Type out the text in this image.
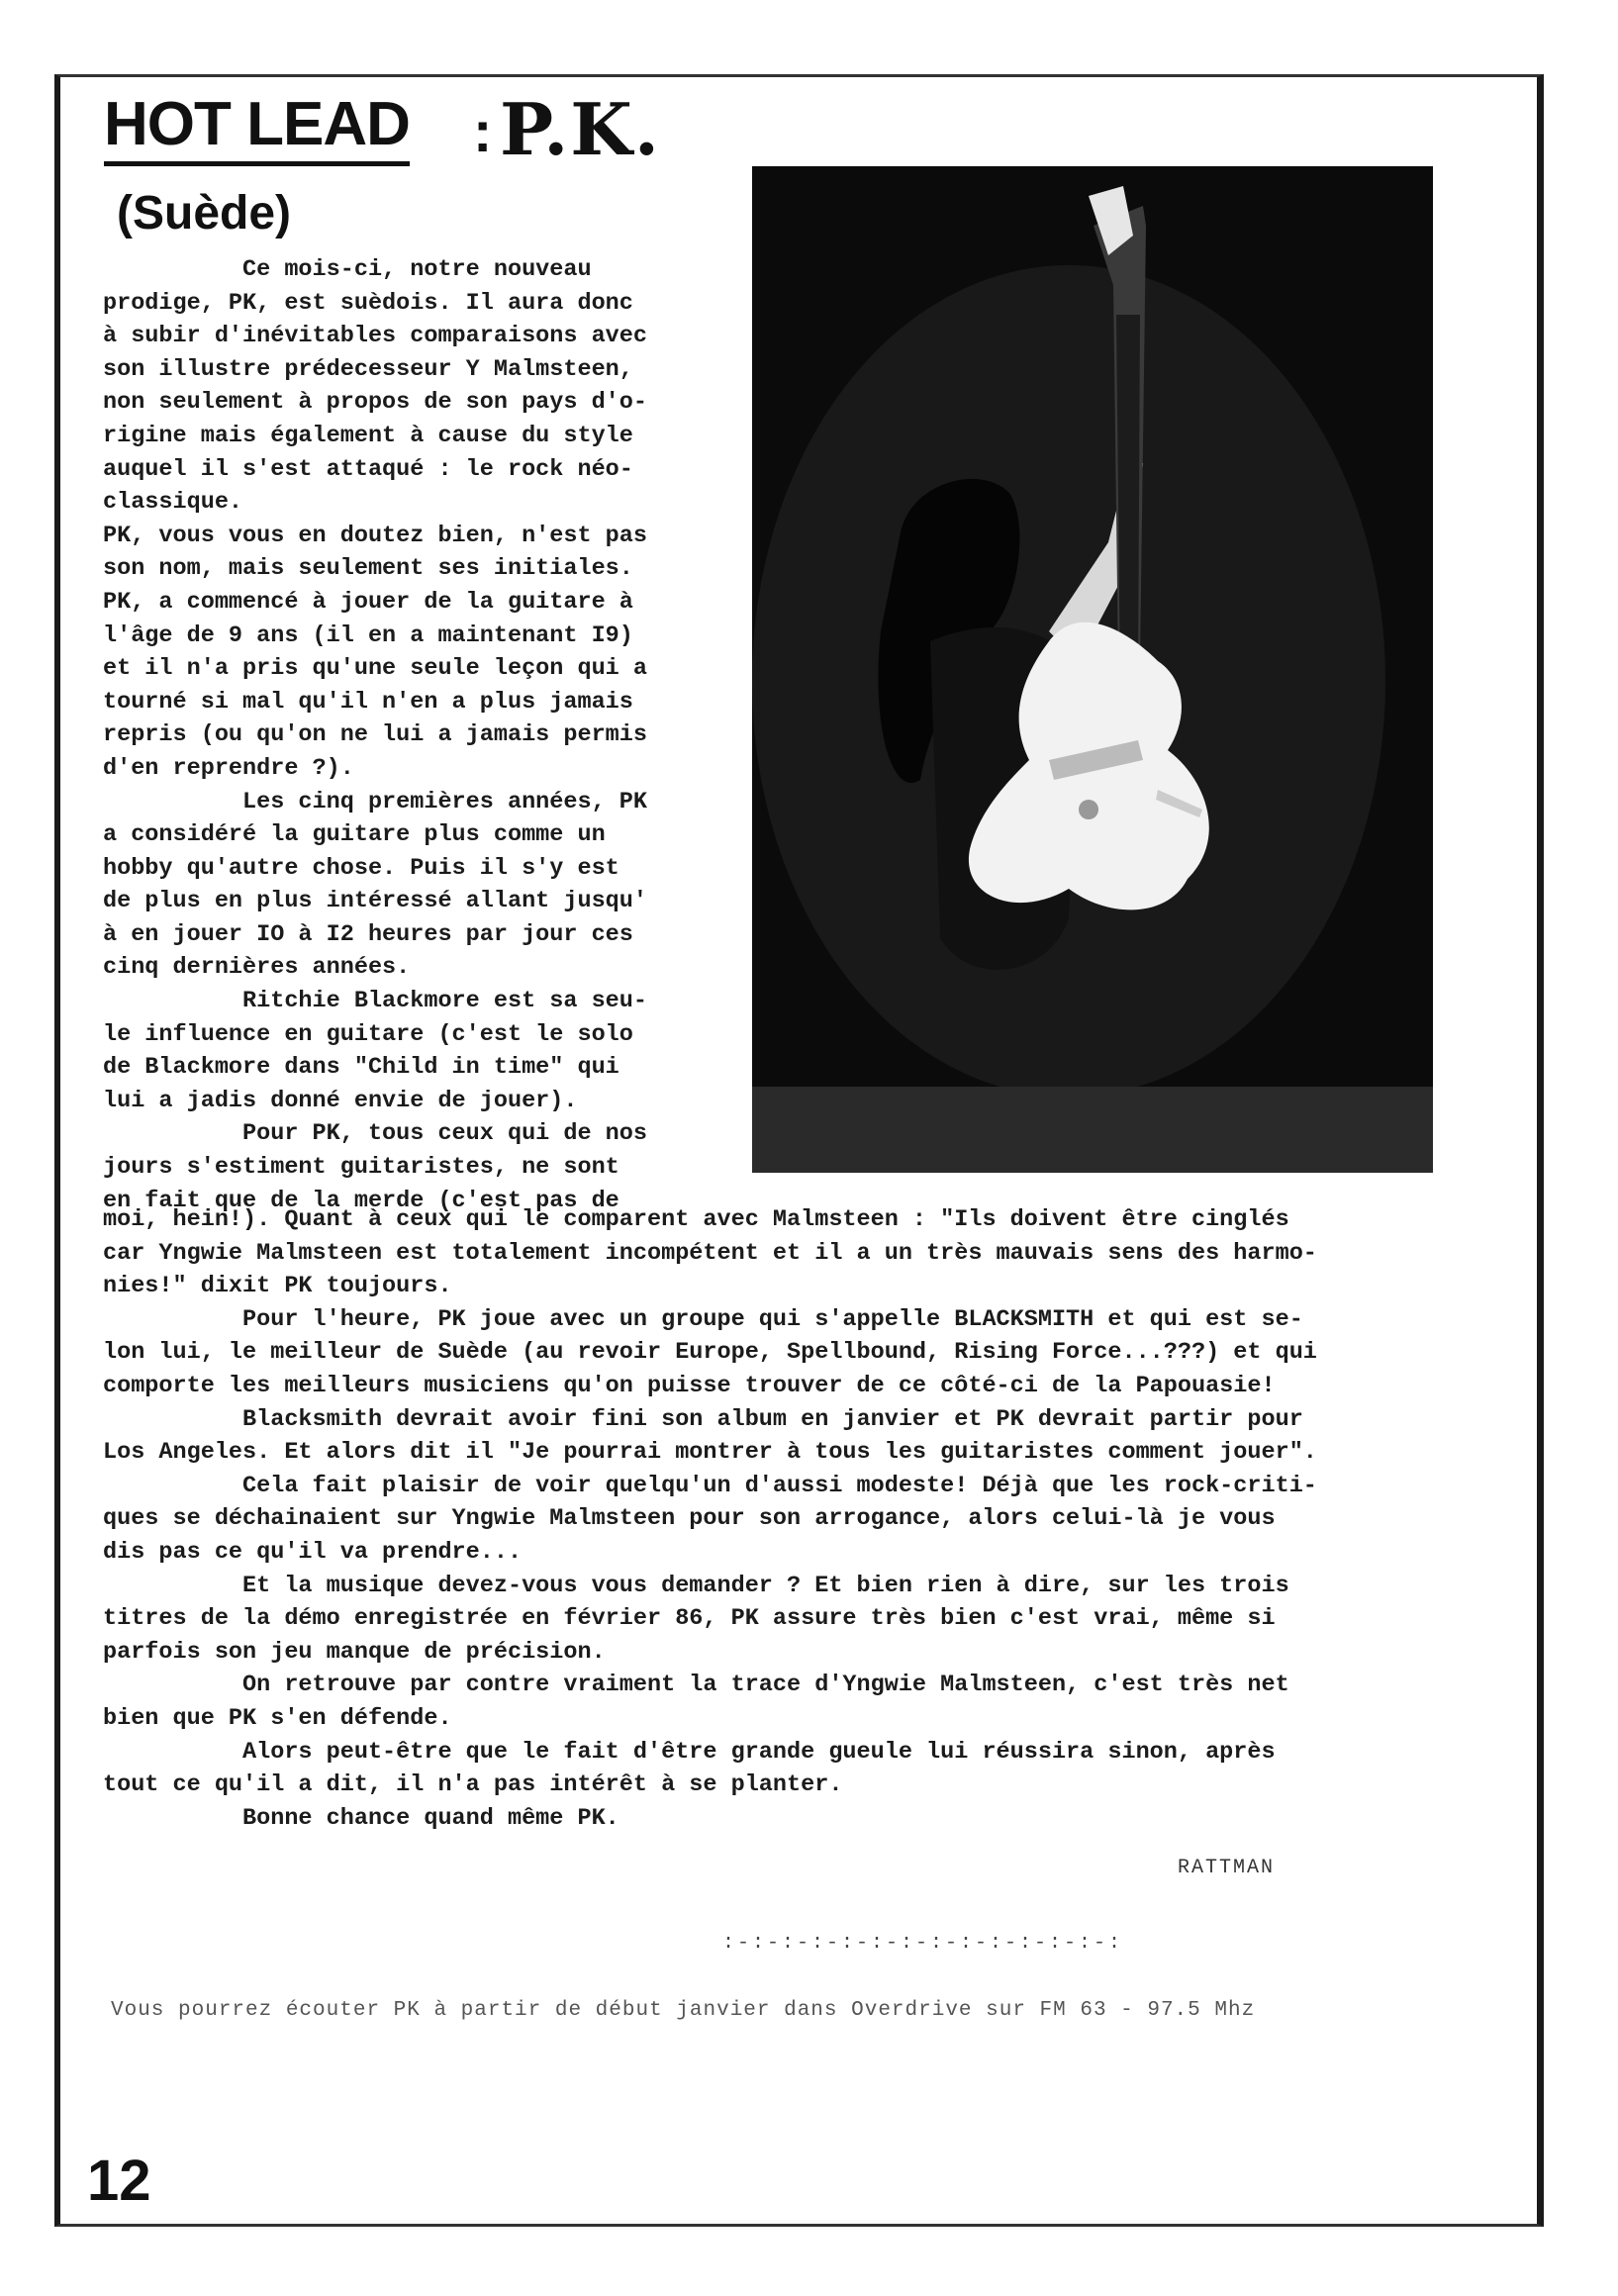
HOT LEAD : P.K.
(Suède)
Ce mois-ci, notre nouveau
prodige, PK, est suèdois. Il aura donc
à subir d'inévitables comparaisons avec
son illustre prédecesseur Y Malmsteen,
non seulement à propos de son pays d'o-
rigine mais également à cause du style
auquel il s'est attaqué : le rock néo-
classique.
PK, vous vous en doutez bien, n'est pas
son nom, mais seulement ses initiales.
PK, a commencé à jouer de la guitare à
l'âge de 9 ans (il en a maintenant I9)
et il n'a pris qu'une seule leçon qui a
tourné si mal qu'il n'en a plus jamais
repris (ou qu'on ne lui a jamais permis
d'en reprendre ?).
Les cinq premières années, PK
a considéré la guitare plus comme un
hobby qu'autre chose. Puis il s'y est
de plus en plus intéressé allant jusqu'
à en jouer IO à I2 heures par jour ces
cinq dernières années.
Ritchie Blackmore est sa seu-
le influence en guitare (c'est le solo
de Blackmore dans "Child in time" qui
lui a jadis donné envie de jouer).
Pour PK, tous ceux qui de nos
jours s'estiment guitaristes, ne sont
en fait que de la merde (c'est pas de
moi, hein!). Quant à ceux qui le comparent avec Malmsteen : "Ils doivent être cinglés
car Yngwie Malmsteen est totalement incompétent et il a un très mauvais sens des harmo-
nies!" dixit PK toujours.
Pour l'heure, PK joue avec un groupe qui s'appelle BLACKSMITH et qui est se-
lon lui, le meilleur de Suède (au revoir Europe, Spellbound, Rising Force...???) et qui
comporte les meilleurs musiciens qu'on puisse trouver de ce côté-ci de la Papouasie!
Blacksmith devrait avoir fini son album en janvier et PK devrait partir pour
Los Angeles. Et alors dit il "Je pourrai montrer à tous les guitaristes comment jouer".
Cela fait plaisir de voir quelqu'un d'aussi modeste! Déjà que les rock-criti-
ques se déchainaient sur Yngwie Malmsteen pour son arrogance, alors celui-là je vous
dis pas ce qu'il va prendre...
Et la musique devez-vous vous demander ? Et bien rien à dire, sur les trois
titres de la démo enregistrée en février 86, PK assure très bien c'est vrai, même si
parfois son jeu manque de précision.
On retrouve par contre vraiment la trace d'Yngwie Malmsteen, c'est très net
bien que PK s'en défende.
Alors peut-être que le fait d'être grande gueule lui réussira sinon, après
tout ce qu'il a dit, il n'a pas intérêt à se planter.
Bonne chance quand même PK.
RATTMAN
:-:-:-:-:-:-:-:-:-:-:-:-:-:
Vous pourrez écouter PK à partir de début janvier dans Overdrive sur FM 63 - 97.5 Mhz
12
